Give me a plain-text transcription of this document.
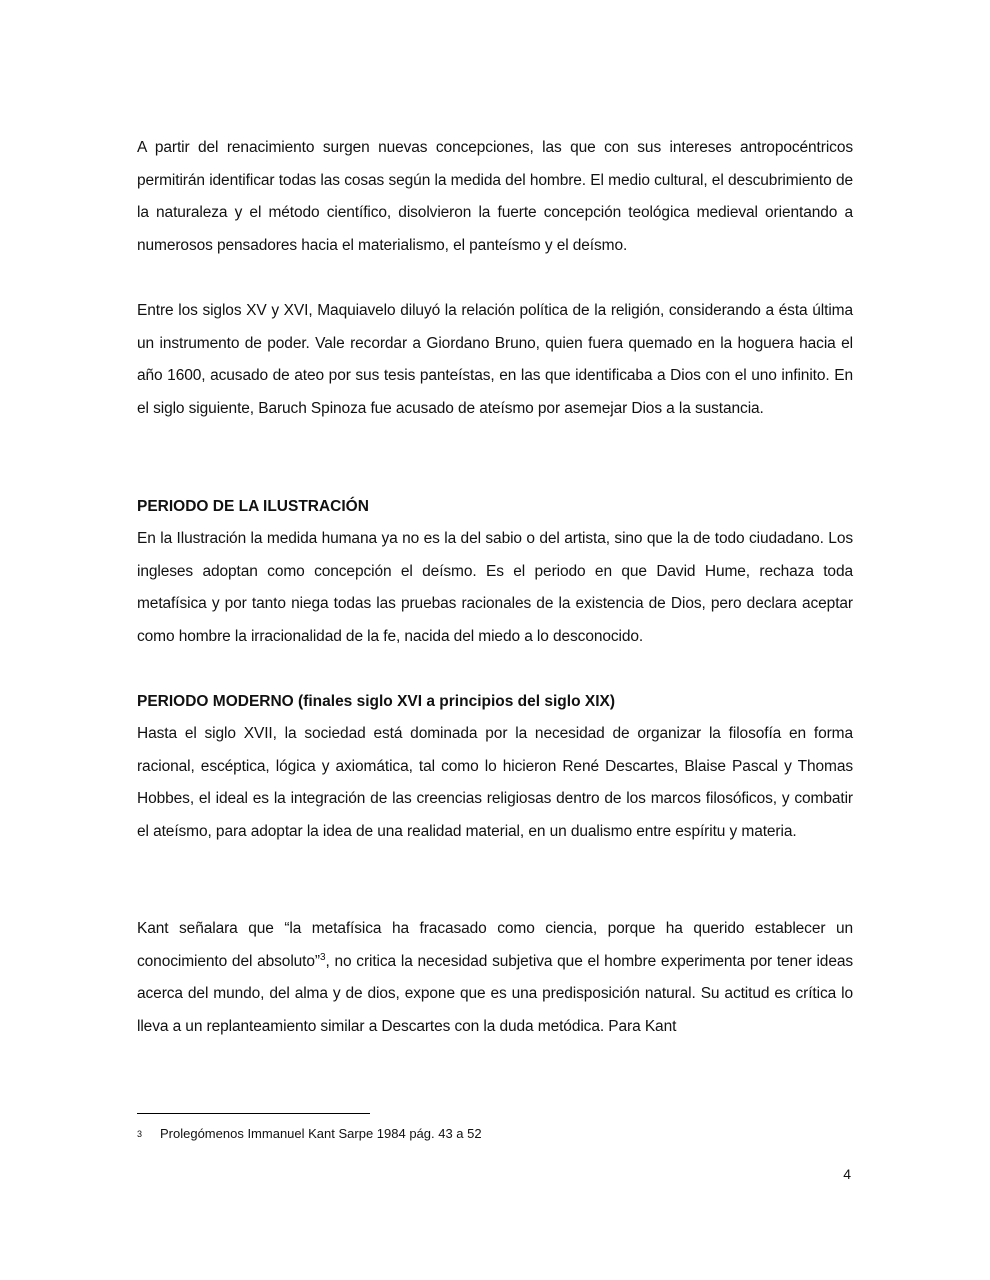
A partir del renacimiento surgen nuevas concepciones, las que con sus intereses antropocéntricos permitirán identificar todas las cosas según la medida del hombre. El medio cultural, el descubrimiento de la naturaleza y el método científico, disolvieron la fuerte concepción teológica medieval orientando a numerosos pensadores hacia el materialismo, el panteísmo y el deísmo.
Entre los siglos XV y XVI, Maquiavelo diluyó la relación política de la religión, considerando a ésta última un instrumento de poder. Vale recordar a Giordano Bruno, quien fuera quemado en la hoguera hacia el año 1600, acusado de ateo por sus tesis panteístas, en las que identificaba a Dios con el uno infinito. En el siglo siguiente, Baruch Spinoza fue acusado de ateísmo por asemejar Dios a la sustancia.
PERIODO DE LA ILUSTRACIÓN
En la Ilustración la medida humana ya no es la del sabio o del artista, sino que la de todo ciudadano. Los ingleses adoptan como concepción el deísmo. Es el periodo en que David Hume, rechaza toda metafísica y por tanto niega todas las pruebas racionales de la existencia de Dios, pero declara aceptar como hombre la irracionalidad de la fe, nacida del miedo a lo desconocido.
PERIODO MODERNO (finales siglo XVI a principios del siglo XIX)
Hasta el siglo XVII, la sociedad está dominada por la necesidad de organizar la filosofía en forma racional, escéptica, lógica y axiomática, tal como lo hicieron René Descartes, Blaise Pascal y Thomas Hobbes, el ideal es la integración de las creencias religiosas dentro de los marcos filosóficos, y combatir el ateísmo, para adoptar la idea de una realidad material, en un dualismo entre espíritu y materia.
Kant señalara que “la metafísica ha fracasado como ciencia, porque ha querido establecer un conocimiento del absoluto”$^3$, no critica la necesidad subjetiva que el hombre experimenta por tener ideas acerca del mundo, del alma y de dios, expone que es una predisposición natural. Su actitud es crítica lo lleva a un replanteamiento similar a Descartes con la duda metódica. Para Kant
3 Prolegómenos Immanuel Kant Sarpe 1984 pág. 43 a 52
4
